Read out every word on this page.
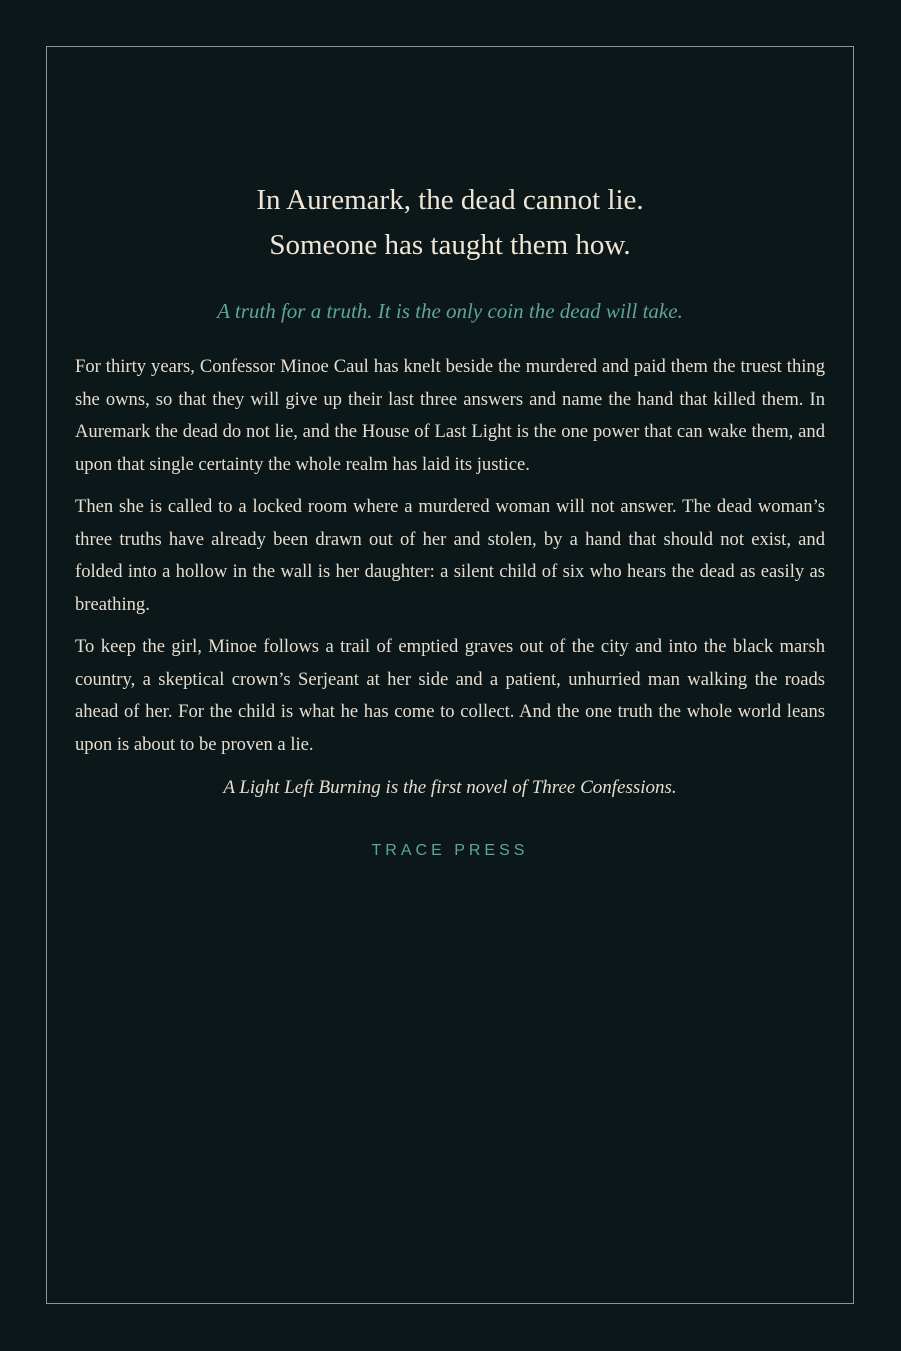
In Auremark, the dead cannot lie.
Someone has taught them how.

A truth for a truth. It is the only coin the dead will take.

For thirty years, Confessor Minoe Caul has knelt beside the murdered and paid them the truest thing she owns, so that they will give up their last three answers and name the hand that killed them. In Auremark the dead do not lie, and the House of Last Light is the one power that can wake them, and upon that single certainty the whole realm has laid its justice.

Then she is called to a locked room where a murdered woman will not answer. The dead woman’s three truths have already been drawn out of her and stolen, by a hand that should not exist, and folded into a hollow in the wall is her daughter: a silent child of six who hears the dead as easily as breathing.

To keep the girl, Minoe follows a trail of emptied graves out of the city and into the black marsh country, a skeptical crown’s Serjeant at her side and a patient, unhurried man walking the roads ahead of her. For the child is what he has come to collect. And the one truth the whole world leans upon is about to be proven a lie.

A Light Left Burning is the first novel of Three Confessions.

TRACE PRESS
